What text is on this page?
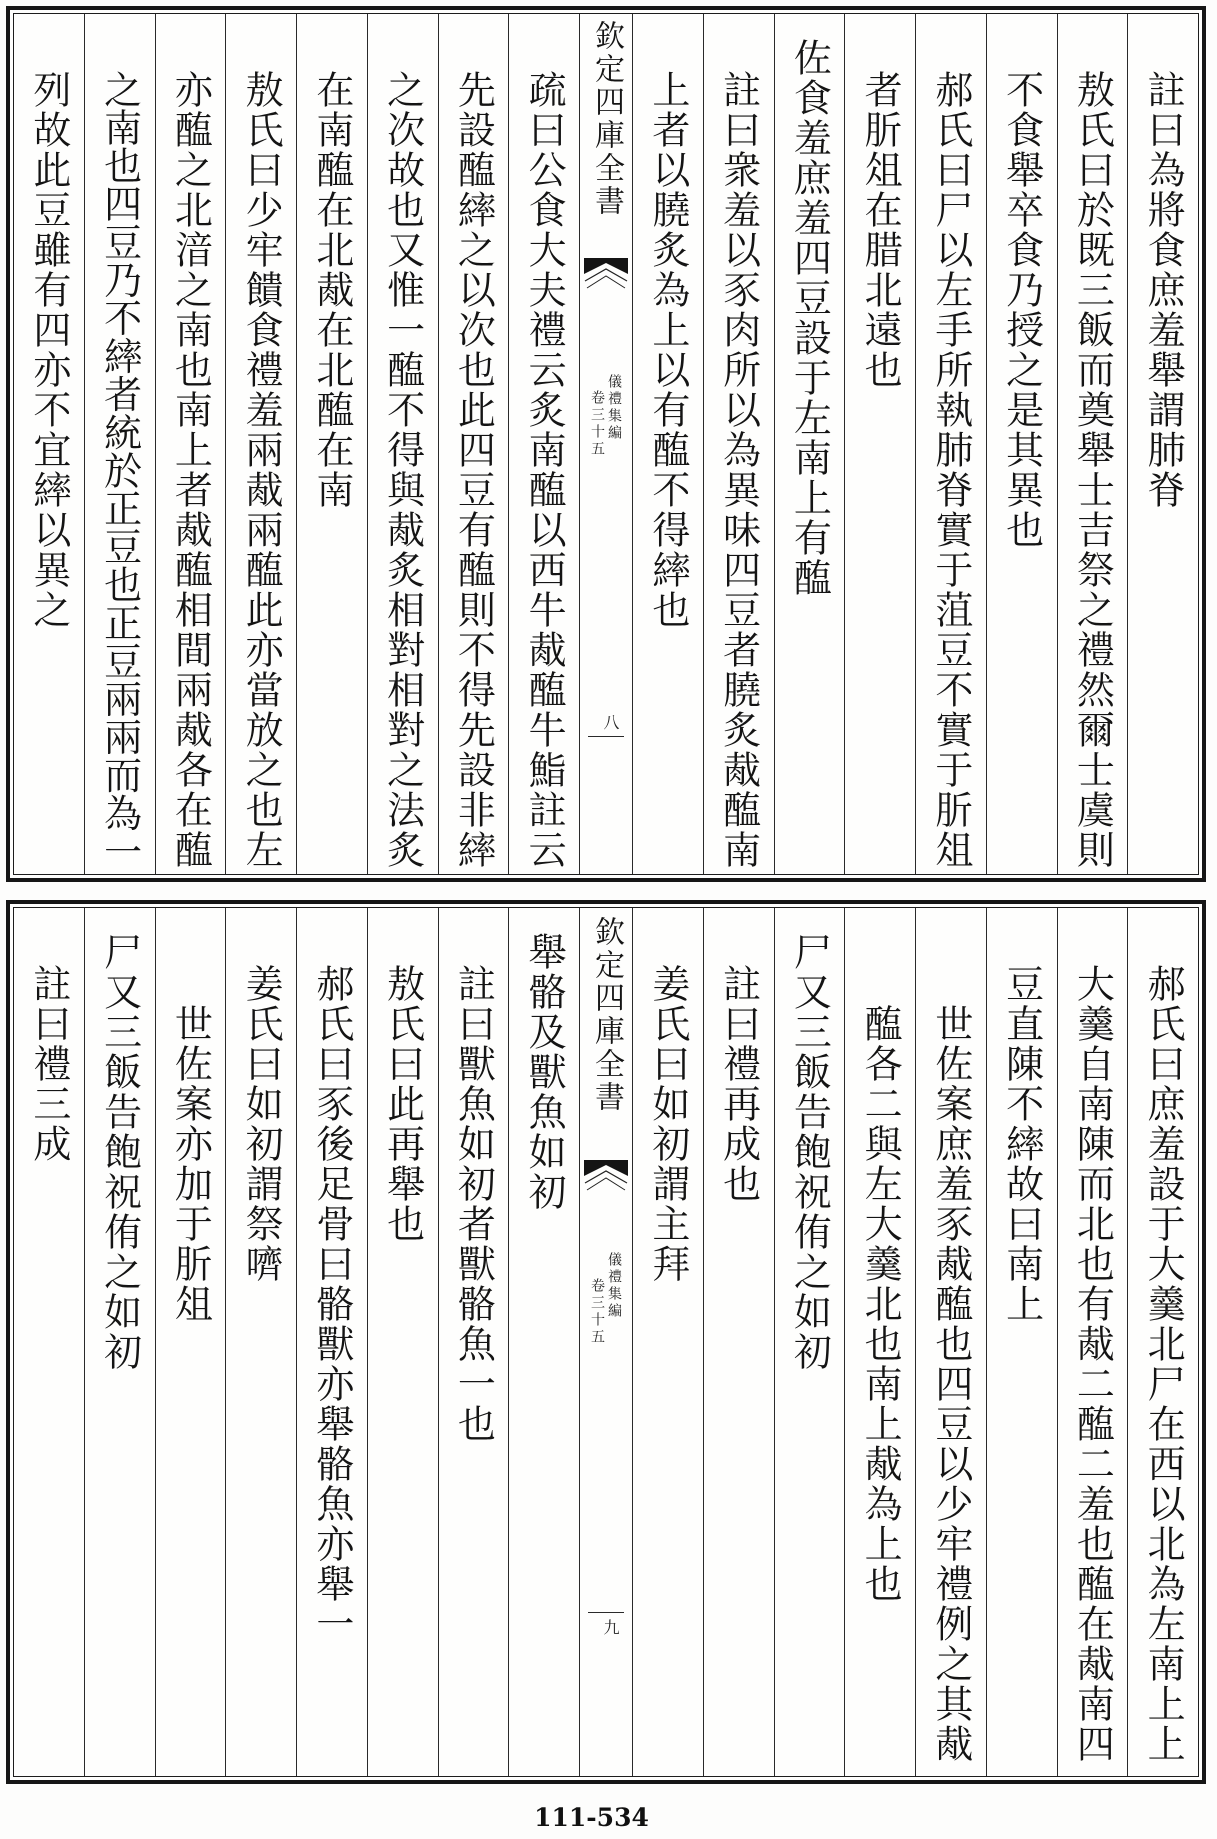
註曰為將食庶羞舉謂肺脊
敖氏曰於既三飯而奠舉士吉祭之禮然爾士虞則
不食舉卒食乃授之是其異也
郝氏曰尸以左手所執肺脊實于菹豆不實于肵俎
者肵俎在腊北遠也
佐食羞庶羞四豆設于左南上有醢
註曰衆羞以豕肉所以為異味四豆者膮炙胾醢南
上者以膮炙為上以有醢不得繂也
欽定四庫全書
儀禮集編
卷三十五
八
疏曰公食大夫禮云炙南醢以西牛胾醢牛鮨註云
先設醢繂之以次也此四豆有醢則不得先設非繂
之次故也又惟一醢不得與胾炙相對相對之法炙
在南醢在北胾在北醢在南
敖氏曰少牢饋食禮羞兩胾兩醢此亦當放之也左
亦醢之北湆之南也南上者胾醢相間兩胾各在醢
之南也四豆乃不繂者統於正豆也正豆兩兩而為一
列故此豆雖有四亦不宜繂以異之
郝氏曰庶羞設于大羹北尸在西以北為左南上上
大羹自南陳而北也有胾二醢二羞也醢在胾南四
豆直陳不繂故曰南上
世佐案庶羞豕胾醢也四豆以少牢禮例之其胾
醢各二與左大羹北也南上胾為上也
尸又三飯告飽祝侑之如初
註曰禮再成也
姜氏曰如初謂主拜
欽定四庫全書
儀禮集編
卷三十五
九
舉骼及獸魚如初
註曰獸魚如初者獸骼魚一也
敖氏曰此再舉也
郝氏曰豕後足骨曰骼獸亦舉骼魚亦舉一
姜氏曰如初謂祭嚌
世佐案亦加于肵俎
尸又三飯告飽祝侑之如初
註曰禮三成
111-534
